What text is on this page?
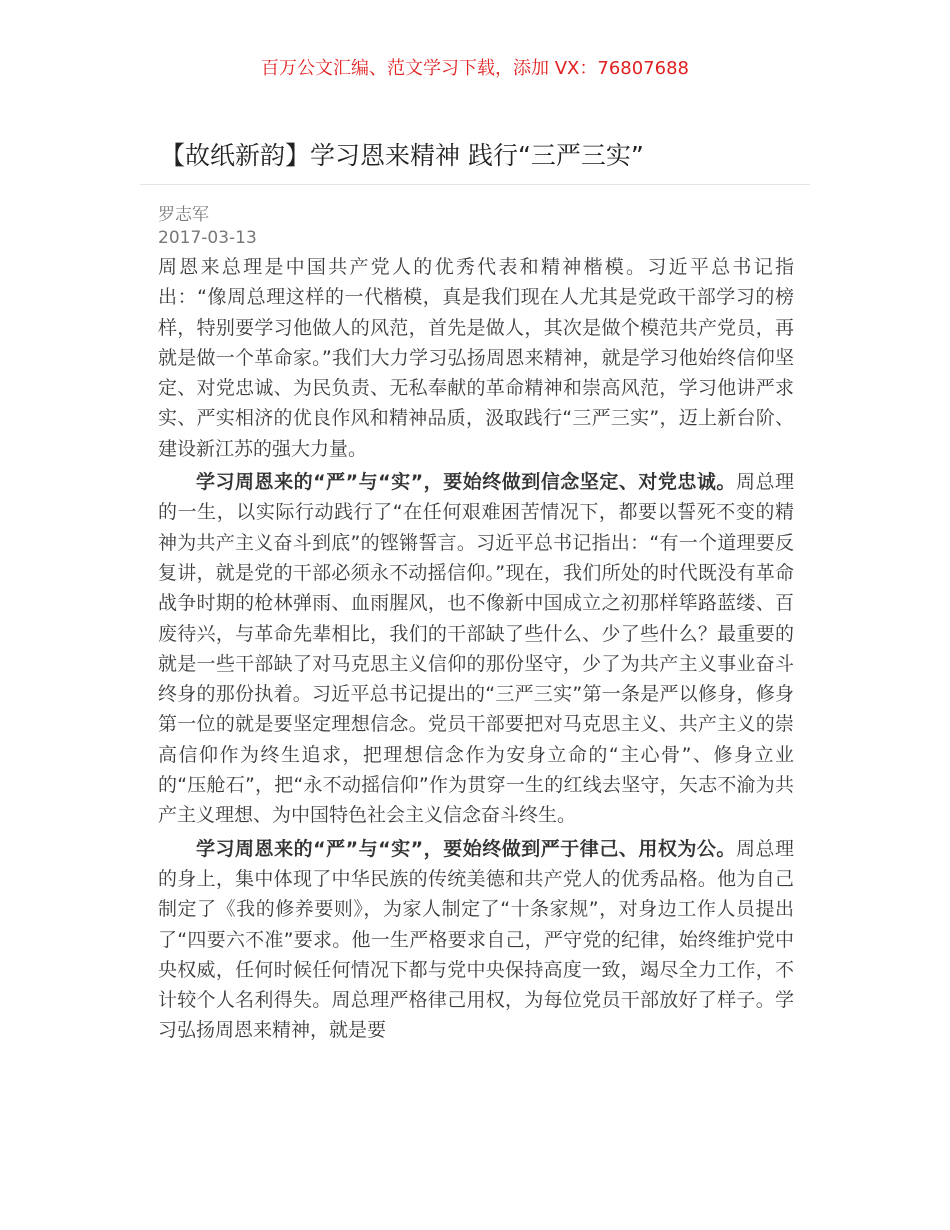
百万公文汇编、范文学习下载，添加 VX：76807688
【故纸新韵】学习恩来精神 践行“三严三实”
罗志军
2017-03-13

周恩来总理是中国共产党人的优秀代表和精神楷模。习近平总书记指出：“像周总理这样的一代楷模，真是我们现在人尤其是党政干部学习的榜样，特别要学习他做人的风范，首先是做人，其次是做个模范共产党员，再就是做一个革命家。”我们大力学习弘扬周恩来精神，就是学习他始终信仰坚定、对党忠诚、为民负责、无私奉献的革命精神和崇高风范，学习他讲严求实、严实相济的优良作风和精神品质，汲取践行“三严三实”，迈上新台阶、建设新江苏的强大力量。

学习周恩来的“严”与“实”，要始终做到信念坚定、对党忠诚。周总理的一生，以实际行动践行了“在任何艰难困苦情况下，都要以誓死不变的精神为共产主义奋斗到底”的铿锵誓言。习近平总书记指出：“有一个道理要反复讲，就是党的干部必须永不动摇信仰。”现在，我们所处的时代既没有革命战争时期的枪林弹雨、血雨腥风，也不像新中国成立之初那样筚路蓝缕、百废待兴，与革命先辈相比，我们的干部缺了些什么、少了些什么？最重要的就是一些干部缺了对马克思主义信仰的那份坚守，少了为共产主义事业奋斗终身的那份执着。习近平总书记提出的“三严三实”第一条是严以修身，修身第一位的就是要坚定理想信念。党员干部要把对马克思主义、共产主义的崇高信仰作为终生追求，把理想信念作为安身立命的“主心骨”、修身立业的“压舱石”，把“永不动摇信仰”作为贯穿一生的红线去坚守，矢志不渝为共产主义理想、为中国特色社会主义信念奋斗终生。

学习周恩来的“严”与“实”，要始终做到严于律己、用权为公。周总理的身上，集中体现了中华民族的传统美德和共产党人的优秀品格。他为自己制定了《我的修养要则》，为家人制定了“十条家规”，对身边工作人员提出了“四要六不准”要求。他一生严格要求自己，严守党的纪律，始终维护党中央权威，任何时候任何情况下都与党中央保持高度一致，竭尽全力工作，不计较个人名利得失。周总理严格律己用权，为每位党员干部放好了样子。学习弘扬周恩来精神，就是要
